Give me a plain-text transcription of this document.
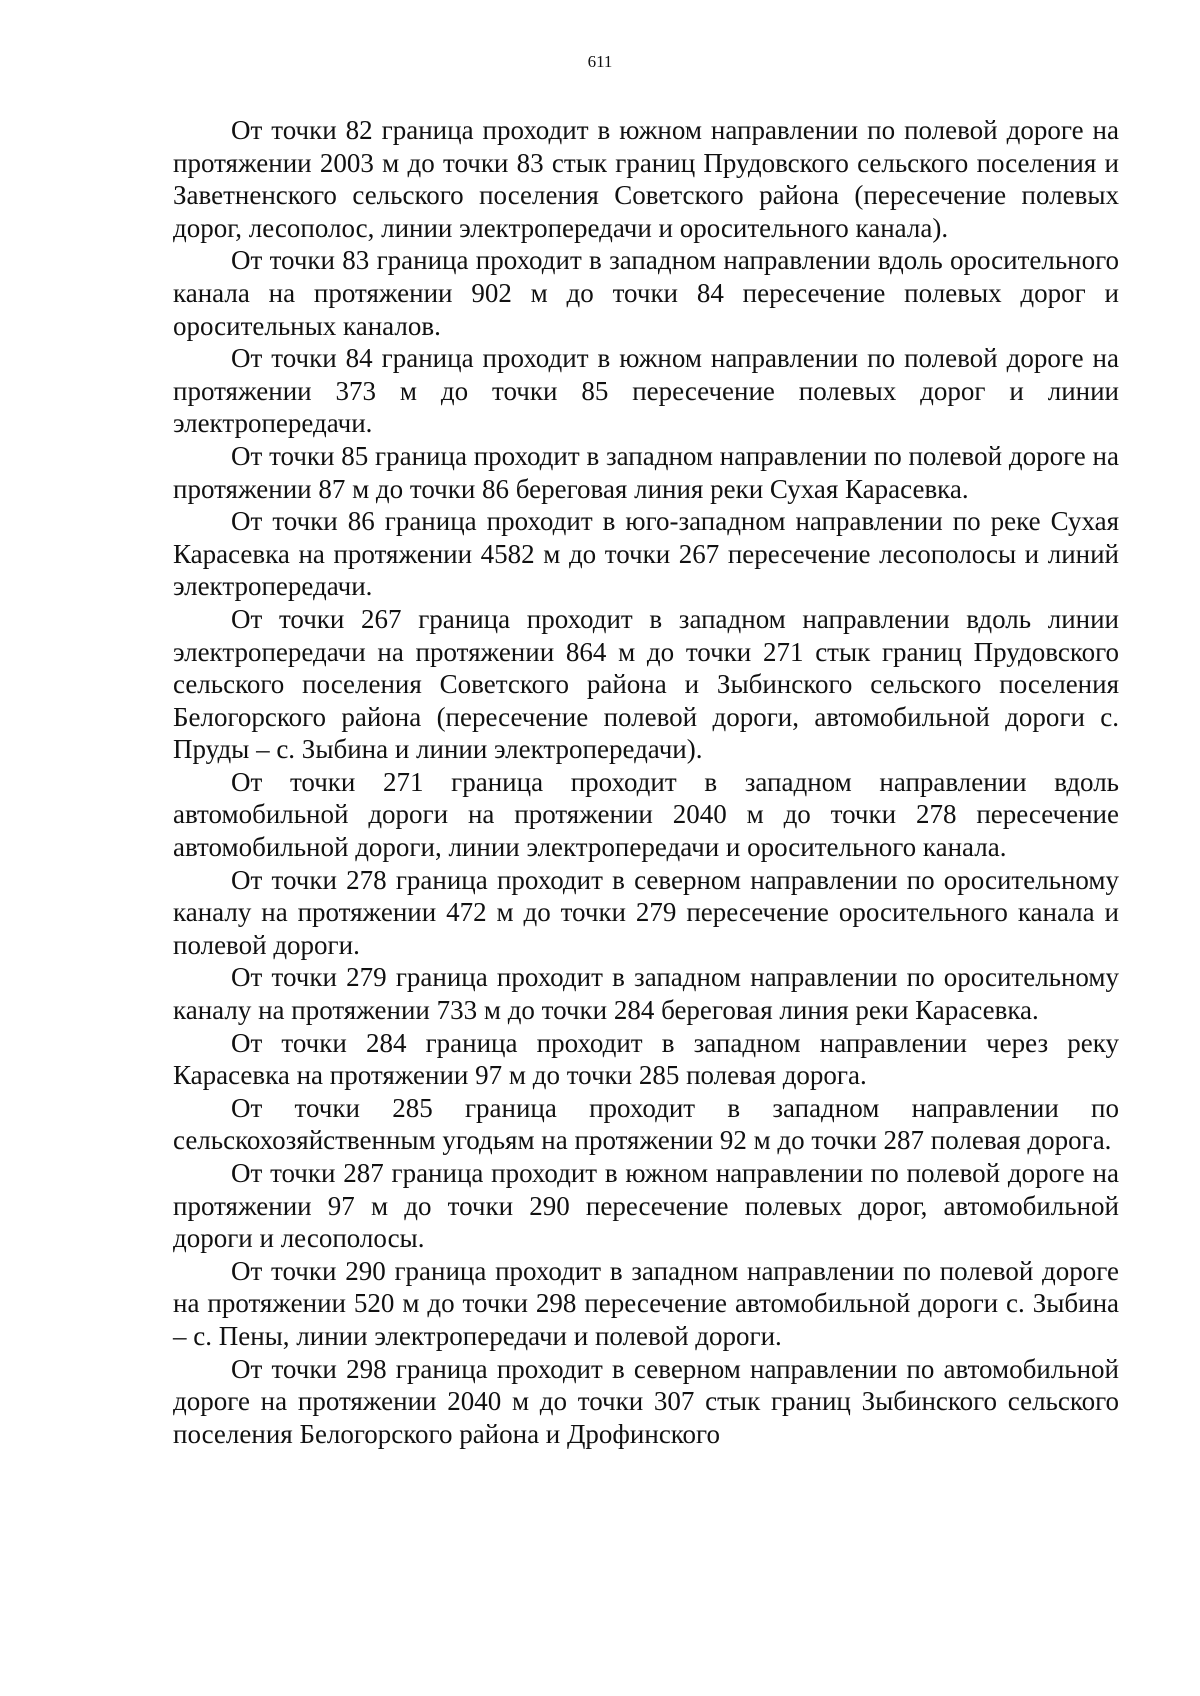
611

От точки 82 граница проходит в южном направлении по полевой дороге на протяжении 2003 м до точки 83 стык границ Прудовского сельского поселения и Заветненского сельского поселения Советского района (пересечение полевых дорог, лесополос, линии электропередачи и оросительного канала).

От точки 83 граница проходит в западном направлении вдоль оросительного канала на протяжении 902 м до точки 84 пересечение полевых дорог и оросительных каналов.

От точки 84 граница проходит в южном направлении по полевой дороге на протяжении 373 м до точки 85 пересечение полевых дорог и линии электропередачи.

От точки 85 граница проходит в западном направлении по полевой дороге на протяжении 87 м до точки 86 береговая линия реки Сухая Карасевка.

От точки 86 граница проходит в юго-западном направлении по реке Сухая Карасевка на протяжении 4582 м до точки 267 пересечение лесополосы и линий электропередачи.

От точки 267 граница проходит в западном направлении вдоль линии электропередачи на протяжении 864 м до точки 271 стык границ Прудовского сельского поселения Советского района и Зыбинского сельского поселения Белогорского района (пересечение полевой дороги, автомобильной дороги с. Пруды – с. Зыбина и линии электропередачи).

От точки 271 граница проходит в западном направлении вдоль автомобильной дороги на протяжении 2040 м до точки 278 пересечение автомобильной дороги, линии электропередачи и оросительного канала.

От точки 278 граница проходит в северном направлении по оросительному каналу на протяжении 472 м до точки 279 пересечение оросительного канала и полевой дороги.

От точки 279 граница проходит в западном направлении по оросительному каналу на протяжении 733 м до точки 284 береговая линия реки Карасевка.

От точки 284 граница проходит в западном направлении через реку Карасевка на протяжении 97 м до точки 285 полевая дорога.

От точки 285 граница проходит в западном направлении по сельскохозяйственным угодьям на протяжении 92 м до точки 287 полевая дорога.

От точки 287 граница проходит в южном направлении по полевой дороге на протяжении 97 м до точки 290 пересечение полевых дорог, автомобильной дороги и лесополосы.

От точки 290 граница проходит в западном направлении по полевой дороге на протяжении 520 м до точки 298 пересечение автомобильной дороги с. Зыбина – с. Пены, линии электропередачи и полевой дороги.

От точки 298 граница проходит в северном направлении по автомобильной дороге на протяжении 2040 м до точки 307 стык границ Зыбинского сельского поселения Белогорского района и Дрофинского
